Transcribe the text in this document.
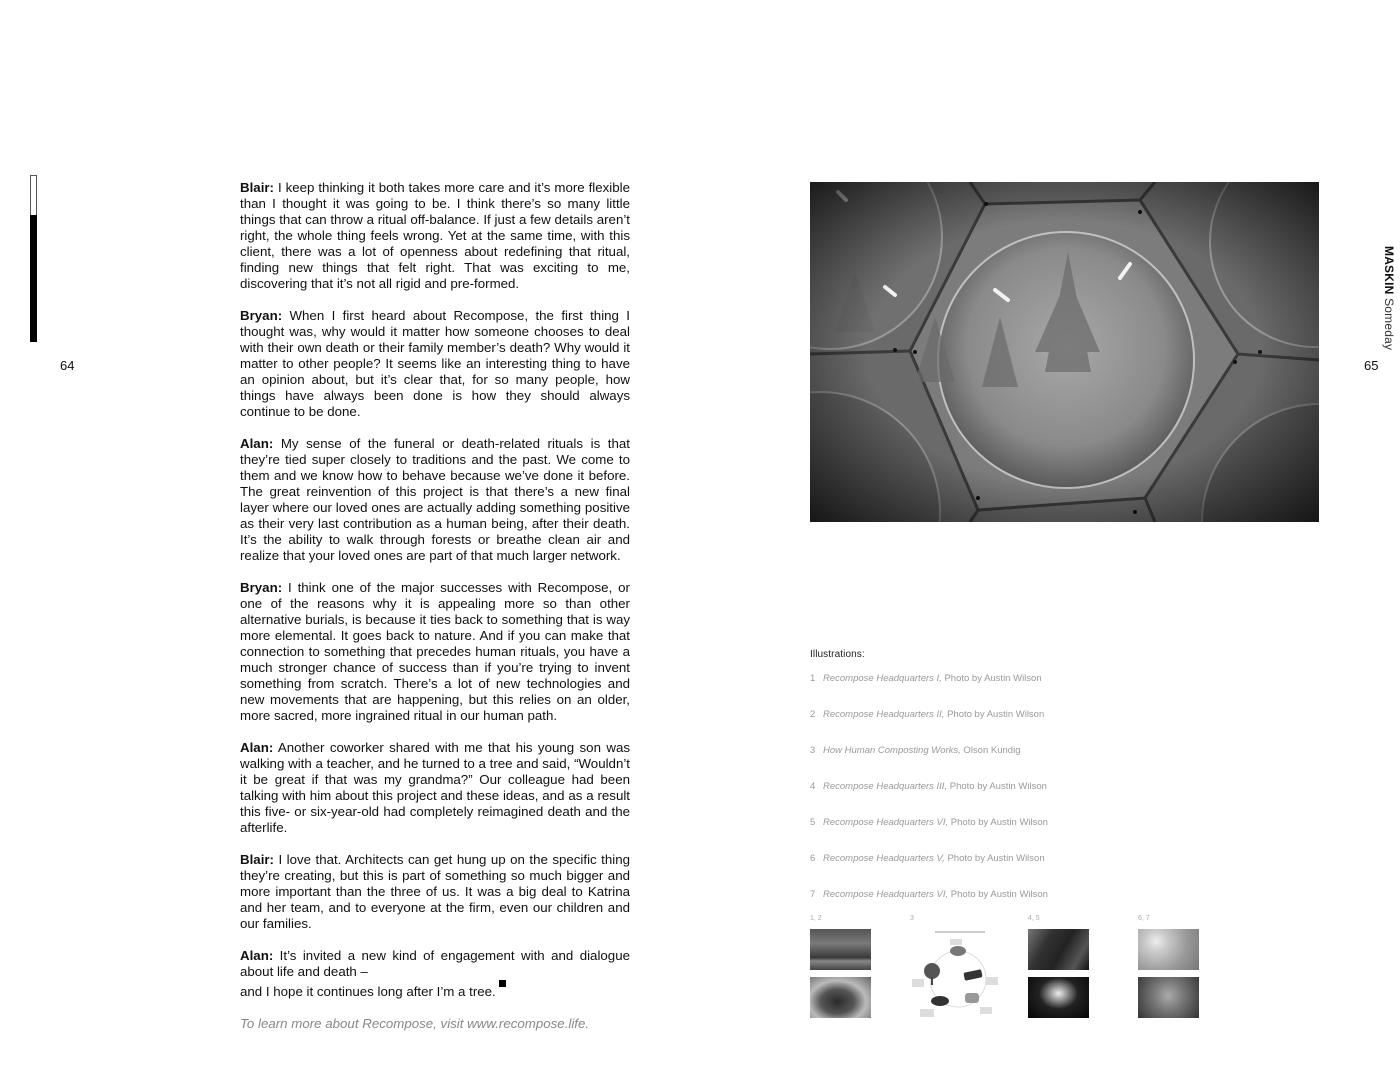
64

Blair: I keep thinking it both takes more care and it’s more flexible than I thought it was going to be. I think there’s so many little things that can throw a ritual off-balance. If just a few details aren’t right, the whole thing feels wrong. Yet at the same time, with this client, there was a lot of openness about redefining that ritual, finding new things that felt right. That was exciting to me, discovering that it’s not all rigid and pre-formed.

Bryan: When I first heard about Recompose, the first thing I thought was, why would it matter how someone chooses to deal with their own death or their family member’s death? Why would it matter to other people? It seems like an interesting thing to have an opinion about, but it’s clear that, for so many people, how things have always been done is how they should always continue to be done.

Alan: My sense of the funeral or death-related rituals is that they’re tied super closely to traditions and the past. We come to them and we know how to behave because we’ve done it before. The great reinvention of this project is that there’s a new final layer where our loved ones are actually adding something positive as their very last contribution as a human being, after their death. It’s the ability to walk through forests or breathe clean air and realize that your loved ones are part of that much larger network.

Bryan: I think one of the major successes with Recompose, or one of the reasons why it is appealing more so than other alternative burials, is because it ties back to something that is way more elemental. It goes back to nature. And if you can make that connection to something that precedes human rituals, you have a much stronger chance of success than if you’re trying to invent something from scratch. There’s a lot of new technologies and new movements that are happening, but this relies on an older, more sacred, more ingrained ritual in our human path.

Alan: Another coworker shared with me that his young son was walking with a teacher, and he turned to a tree and said, “Wouldn’t it be great if that was my grandma?” Our colleague had been talking with him about this project and these ideas, and as a result this five- or six-year-old had completely reimagined death and the afterlife.

Blair: I love that. Architects can get hung up on the specific thing they’re creating, but this is part of something so much bigger and more important than the three of us. It was a big deal to Katrina and her team, and to everyone at the firm, even our children and our families.

Alan: It’s invited a new kind of engagement with and dialogue about life and death –
and I hope it continues long after I’m a tree.

To learn more about Recompose, visit www.recompose.life.

MASKIN Someday
65
Illustrations:
1 Recompose Headquarters I, Photo by Austin Wilson
2 Recompose Headquarters II, Photo by Austin Wilson
3 How Human Composting Works, Olson Kundig
4 Recompose Headquarters III, Photo by Austin Wilson
5 Recompose Headquarters VI, Photo by Austin Wilson
6 Recompose Headquarters V, Photo by Austin Wilson
7 Recompose Headquarters VI, Photo by Austin Wilson
1, 2	3	4, 5	6, 7
